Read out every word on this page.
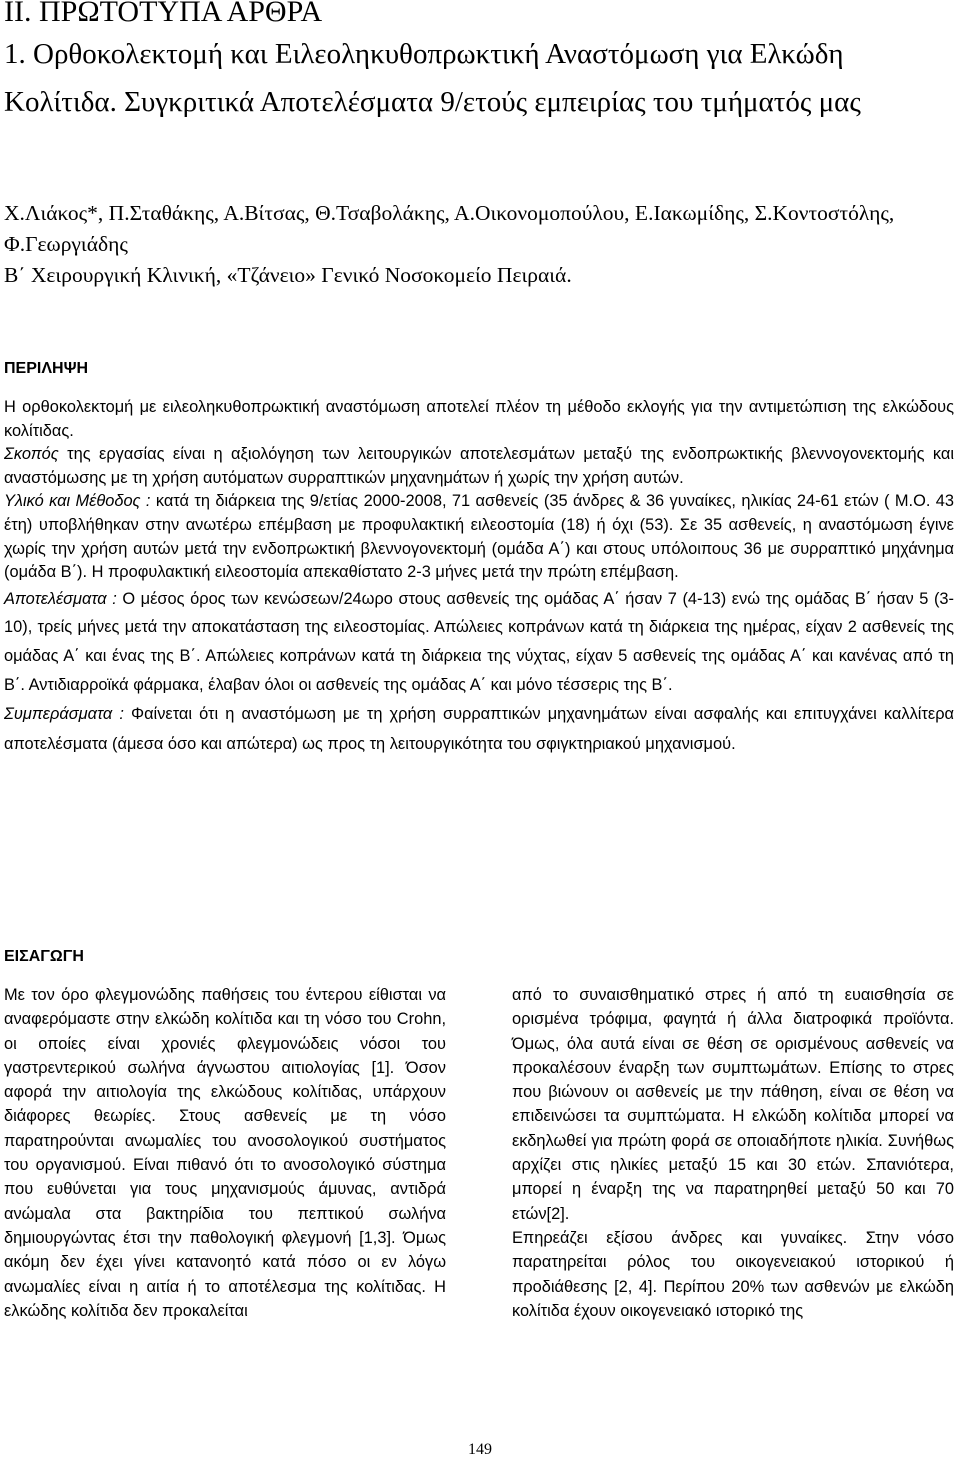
ΙΙ. ΠΡΩΤΟΤΥΠΑ ΑΡΘΡΑ
1. Ορθοκολεκτομή και Ειλεοληκυθοπρωκτική Αναστόμωση για Ελκώδη Κολίτιδα. Συγκριτικά Αποτελέσματα 9/ετούς εμπειρίας του τμήματός μας
Χ.Λιάκος*, Π.Σταθάκης, Α.Βίτσας, Θ.Τσαβολάκης, Α.Οικονομοπούλου, Ε.Ιακωμίδης, Σ.Κοντοστόλης, Φ.Γεωργιάδης
Β΄ Χειρουργική Κλινική, «Τζάνειο» Γενικό Νοσοκομείο Πειραιά.
ΠΕΡΙΛΗΨΗ

Η ορθοκολεκτομή με ειλεοληκυθοπρωκτική αναστόμωση αποτελεί πλέον τη μέθοδο εκλογής για την αντιμετώπιση της ελκώδους κολίτιδας.

Σκοπός της εργασίας είναι η αξιολόγηση των λειτουργικών αποτελεσμάτων μεταξύ της ενδοπρωκτικής βλεννογονεκτομής και αναστόμωσης με τη χρήση αυτόματων συρραπτικών μηχανημάτων ή χωρίς την χρήση αυτών.

Υλικό και Μέθοδος : κατά τη διάρκεια της 9/ετίας 2000-2008, 71 ασθενείς (35 άνδρες & 36 γυναίκες, ηλικίας 24-61 ετών ( Μ.Ο. 43 έτη) υποβλήθηκαν στην ανωτέρω επέμβαση με προφυλακτική ειλεοστομία (18) ή όχι (53). Σε 35 ασθενείς, η αναστόμωση έγινε χωρίς την χρήση αυτών μετά την ενδοπρωκτική βλεννογονεκτομή (ομάδα Α΄) και στους υπόλοιπους 36 με συρραπτικό μηχάνημα (ομάδα Β΄). Η προφυλακτική ειλεοστομία απεκαθίστατο 2-3 μήνες μετά την πρώτη επέμβαση.

Αποτελέσματα : Ο μέσος όρος των κενώσεων/24ωρο στους ασθενείς της ομάδας Α΄ ήσαν 7 (4-13) ενώ της ομάδας Β΄ ήσαν 5 (3-10), τρείς μήνες μετά την αποκατάσταση της ειλεοστομίας. Απώλειες κοπράνων κατά τη διάρκεια της ημέρας, είχαν 2 ασθενείς της ομάδας Α΄ και ένας της Β΄. Απώλειες κοπράνων κατά τη διάρκεια της νύχτας, είχαν 5 ασθενείς της ομάδας Α΄ και κανένας από τη Β΄. Αντιδιαρροϊκά φάρμακα, έλαβαν όλοι οι ασθενείς της ομάδας Α΄ και μόνο τέσσερις της Β΄.

Συμπεράσματα : Φαίνεται ότι η αναστόμωση με τη χρήση συρραπτικών μηχανημάτων είναι ασφαλής και επιτυγχάνει καλλίτερα αποτελέσματα (άμεσα όσο και απώτερα) ως προς τη λειτουργικότητα του σφιγκτηριακού μηχανισμού.

ΕΙΣΑΓΩΓΗ

Με τον όρο φλεγμονώδης παθήσεις του έντερου είθισται να αναφερόμαστε στην ελκώδη κολίτιδα και τη νόσο του Crohn, οι οποίες είναι χρονιές φλεγμονώδεις νόσοι του γαστρεντερικού σωλήνα άγνωστου αιτιολογίας [1]. Όσον αφορά την αιτιολογία της ελκώδους κολίτιδας, υπάρχουν διάφορες θεωρίες. Στους ασθενείς με τη νόσο παρατηρούνται ανωμαλίες του ανοσολογικού συστήματος του οργανισμού. Είναι πιθανό ότι το ανοσολογικό σύστημα που ευθύνεται για τους μηχανισμούς άμυνας, αντιδρά ανώμαλα στα βακτηρίδια του πεπτικού σωλήνα δημιουργώντας έτσι την παθολογική φλεγμονή [1,3]. Όμως ακόμη δεν έχει γίνει κατανοητό κατά πόσο οι εν λόγω ανωμαλίες είναι η αιτία ή το αποτέλεσμα της κολίτιδας. Η ελκώδης κολίτιδα δεν προκαλείται

από το συναισθηματικό στρες ή από τη ευαισθησία σε ορισμένα τρόφιμα, φαγητά ή άλλα διατροφικά προϊόντα. Όμως, όλα αυτά είναι σε θέση σε ορισμένους ασθενείς να προκαλέσουν έναρξη των συμπτωμάτων. Επίσης το στρες που βιώνουν οι ασθενείς με την πάθηση, είναι σε θέση να επιδεινώσει τα συμπτώματα. Η ελκώδη κολίτιδα μπορεί να εκδηλωθεί για πρώτη φορά σε οποιαδήποτε ηλικία. Συνήθως αρχίζει στις ηλικίες μεταξύ 15 και 30 ετών. Σπανιότερα, μπορεί η έναρξη της να παρατηρηθεί μεταξύ 50 και 70 ετών[2].

Επηρεάζει εξίσου άνδρες και γυναίκες. Στην νόσο παρατηρείται ρόλος του οικογενειακού ιστορικού ή προδιάθεσης [2, 4]. Περίπου 20% των ασθενών με ελκώδη κολίτιδα έχουν οικογενειακό ιστορικό της

149
